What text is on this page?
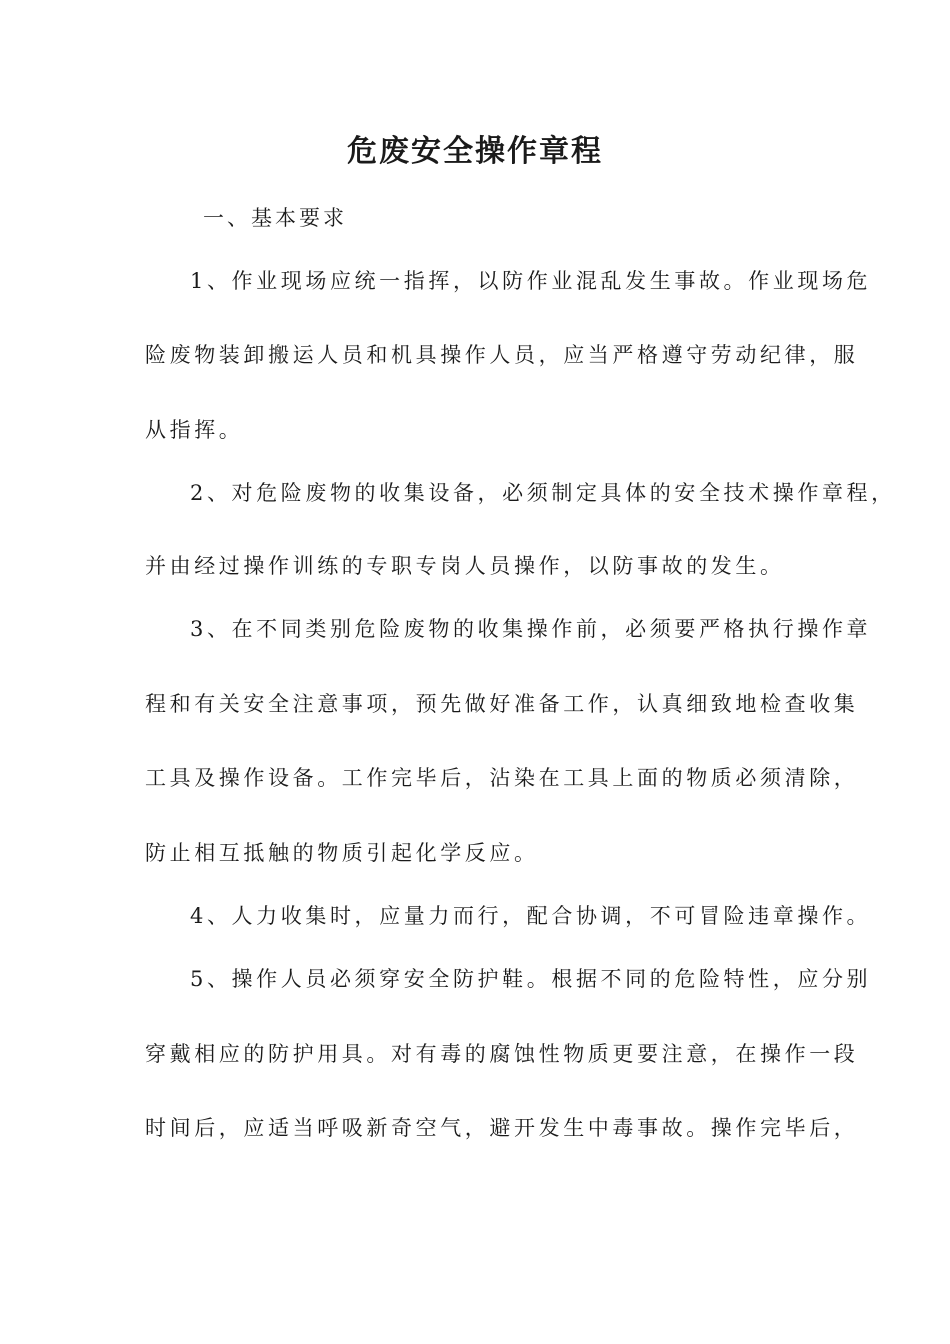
危废安全操作章程

一、基本要求

1、作业现场应统一指挥，以防作业混乱发生事故。作业现场危

险废物装卸搬运人员和机具操作人员，应当严格遵守劳动纪律，服

从指挥。

2、对危险废物的收集设备，必须制定具体的安全技术操作章程，

并由经过操作训练的专职专岗人员操作，以防事故的发生。

3、在不同类别危险废物的收集操作前，必须要严格执行操作章

程和有关安全注意事项，预先做好准备工作，认真细致地检查收集

工具及操作设备。工作完毕后，沾染在工具上面的物质必须清除，

防止相互抵触的物质引起化学反应。

4、人力收集时，应量力而行，配合协调，不可冒险违章操作。

5、操作人员必须穿安全防护鞋。根据不同的危险特性，应分别

穿戴相应的防护用具。对有毒的腐蚀性物质更要注意，在操作一段

时间后，应适当呼吸新奇空气，避开发生中毒事故。操作完毕后，
